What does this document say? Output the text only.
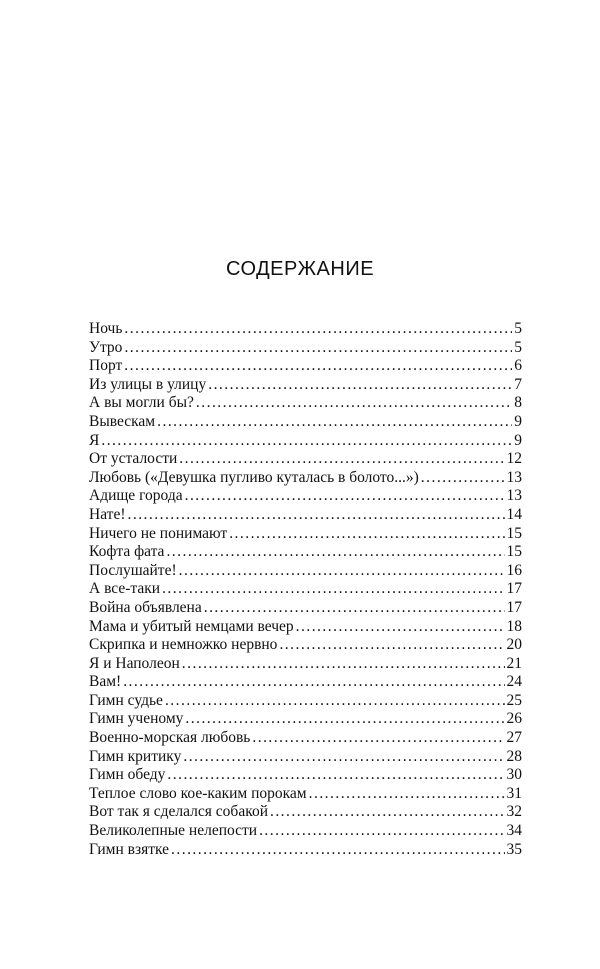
СОДЕРЖАНИЕ
Ночь . . .	5
Утро . . .	5
Порт . . .	6
Из улицы в улицу . . .	7
А вы могли бы? . . .	8
Вывескам . . .	9
Я . . .	9
От усталости . . .	12
Любовь («Девушка пугливо куталась в болото...») . . .	13
Адище города . . .	13
Нате! . . .	14
Ничего не понимают . . .	15
Кофта фата . . .	15
Послушайте! . . .	16
А все-таки . . .	17
Война объявлена . . .	17
Мама и убитый немцами вечер . . .	18
Скрипка и немножко нервно . . .	20
Я и Наполеон . . .	21
Вам! . . .	24
Гимн судье . . .	25
Гимн ученому . . .	26
Военно-морская любовь . . .	27
Гимн критику . . .	28
Гимн обеду . . .	30
Теплое слово кое-каким порокам . . .	31
Вот так я сделался собакой . . .	32
Великолепные нелепости . . .	34
Гимн взятке . . .	35
